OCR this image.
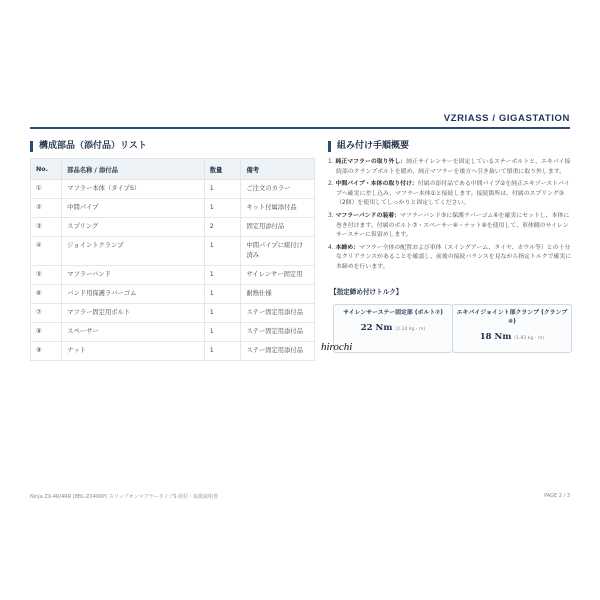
VZRIASS / GIGASTATION
構成部品（添付品）リスト
No.	部品名称 / 添付品	数量	備考
①	マフラー本体（タイプS）	1	ご注文のカラー
②	中間パイプ	1	キット付属添付品
③	スプリング	2	固定用添付品
④	ジョイントクランプ	1	中間パイプに組付け済み
⑤	マフラーバンド	1	サイレンサー固定用
⑥	バンド用保護ラバーゴム	1	耐熱仕様
⑦	マフラー固定用ボルト	1	ステー固定用添付品
⑧	スペーサー	1	ステー固定用添付品
⑨	ナット	1	ステー固定用添付品
組み付け手順概要
1. 純正マフラーの取り外し：純正サイレンサーを固定しているステーボルトと、エキパイ接続部のクランプボルトを緩め、純正マフラーを後方へ引き抜いて慎重に取り外します。
2. 中間パイプ・本体の取り付け：付属の添付品である中間パイプ②を純正エキゾーストパイプへ確実に差し込み、マフラー本体①と接続します。接続箇所は、付属のスプリング③（2個）を使用してしっかりと固定してください。
3. マフラーバンドの装着：マフラーバンド⑤に保護ラバーゴム⑥を確実にセットし、本体に巻き付けます。付属のボルト⑦・スペーサー⑧・ナット⑨を使用して、車体側のサイレンサーステーに仮留めします。
4. 本締め：マフラー全体の配置および車体（スイングアーム、タイヤ、カウル等）との十分なクリアランスがあることを確認し、前後の接続バランスを見ながら指定トルクで確実に本締めを行います。
【指定締め付けトルク】
サイレンサーステー固定部 (ボルト⑦)
22 Nm (2.24 kg・m)
エキパイジョイント部クランプ (クランプ④)
18 Nm (1.83 kg・m)
hirochi
Ninja ZX-4R/4RR (8BL-ZX400P) スリップオンマフラータイプS 組付・取扱説明書	PAGE 2 / 3
